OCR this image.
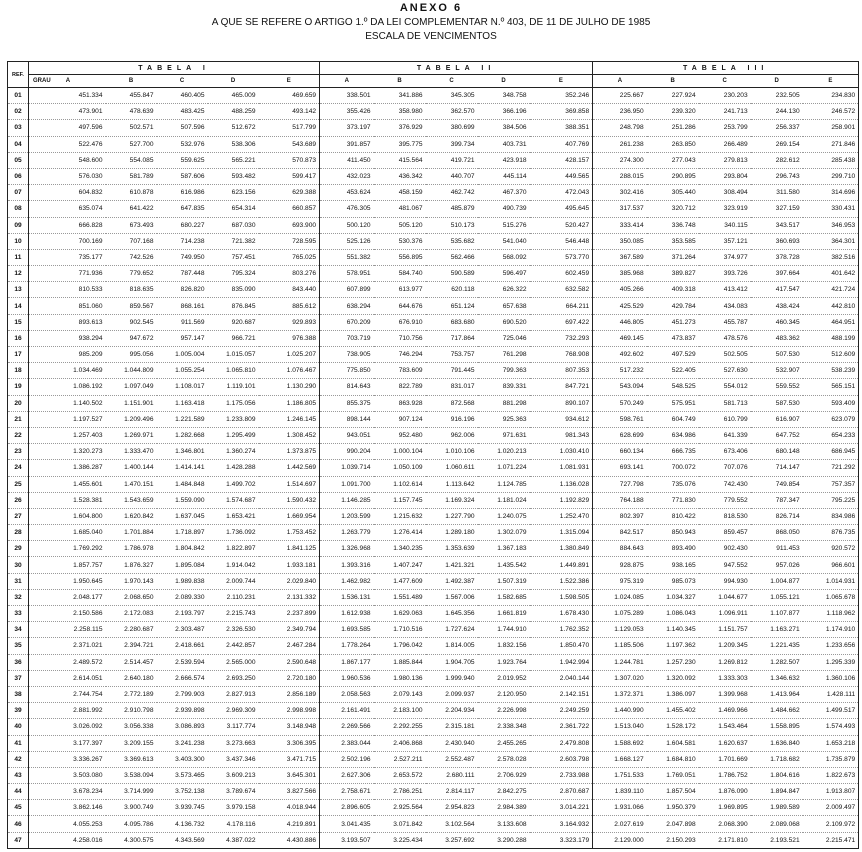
ANEXO 6
A QUE SE REFERE O ARTIGO 1.º DA LEI COMPLEMENTAR N.º 403, DE 11 DE JULHO DE 1985
ESCALA DE VENCIMENTOS
REF.	TABELA I					TABELA II					TABELA III				
	GRAU A	B	C	D	E	A	B	C	D	E	A	B	C	D	E
01	451.334	455.847	460.405	465.009	469.659	338.501	341.886	345.305	348.758	352.246	225.667	227.924	230.203	232.505	234.830
02	473.901	478.639	483.425	488.259	493.142	355.426	358.980	362.570	366.196	369.858	236.950	239.320	241.713	244.130	246.572
03	497.596	502.571	507.596	512.672	517.799	373.197	376.929	380.699	384.506	388.351	248.798	251.286	253.799	256.337	258.901
04	522.476	527.700	532.976	538.306	543.689	391.857	395.775	399.734	403.731	407.769	261.238	263.850	266.489	269.154	271.846
05	548.600	554.085	559.625	565.221	570.873	411.450	415.564	419.721	423.918	428.157	274.300	277.043	279.813	282.612	285.438
06	576.030	581.789	587.606	593.482	599.417	432.023	436.342	440.707	445.114	449.565	288.015	290.895	293.804	296.743	299.710
07	604.832	610.878	616.986	623.156	629.388	453.624	458.159	462.742	467.370	472.043	302.416	305.440	308.494	311.580	314.696
08	635.074	641.422	647.835	654.314	660.857	476.305	481.067	485.879	490.739	495.645	317.537	320.712	323.919	327.159	330.431
09	666.828	673.493	680.227	687.030	693.900	500.120	505.120	510.173	515.276	520.427	333.414	336.748	340.115	343.517	346.953
10	700.169	707.168	714.238	721.382	728.595	525.126	530.376	535.682	541.040	546.448	350.085	353.585	357.121	360.693	364.301
11	735.177	742.526	749.950	757.451	765.025	551.382	556.895	562.466	568.092	573.770	367.589	371.264	374.977	378.728	382.516
12	771.936	779.652	787.448	795.324	803.276	578.951	584.740	590.589	596.497	602.459	385.968	389.827	393.726	397.664	401.642
13	810.533	818.635	826.820	835.090	843.440	607.899	613.977	620.118	626.322	632.582	405.266	409.318	413.412	417.547	421.724
14	851.060	859.567	868.161	876.845	885.612	638.294	644.676	651.124	657.638	664.211	425.529	429.784	434.083	438.424	442.810
15	893.613	902.545	911.569	920.687	929.893	670.209	676.910	683.680	690.520	697.422	446.805	451.273	455.787	460.345	464.951
16	938.294	947.672	957.147	966.721	976.388	703.719	710.756	717.864	725.046	732.293	469.145	473.837	478.576	483.362	488.199
17	985.209	995.056	1.005.004	1.015.057	1.025.207	738.905	746.294	753.757	761.298	768.908	492.602	497.529	502.505	507.530	512.609
18	1.034.469	1.044.809	1.055.254	1.065.810	1.076.467	775.850	783.609	791.445	799.363	807.353	517.232	522.405	527.630	532.907	538.239
19	1.086.192	1.097.049	1.108.017	1.119.101	1.130.290	814.643	822.789	831.017	839.331	847.721	543.094	548.525	554.012	559.552	565.151
20	1.140.502	1.151.901	1.163.418	1.175.056	1.186.805	855.375	863.928	872.568	881.298	890.107	570.249	575.951	581.713	587.530	593.409
21	1.197.527	1.209.496	1.221.589	1.233.809	1.246.145	898.144	907.124	916.196	925.363	934.612	598.761	604.749	610.799	616.907	623.079
22	1.257.403	1.269.971	1.282.668	1.295.499	1.308.452	943.051	952.480	962.006	971.631	981.343	628.699	634.986	641.339	647.752	654.233
23	1.320.273	1.333.470	1.346.801	1.360.274	1.373.875	990.204	1.000.104	1.010.106	1.020.213	1.030.410	660.134	666.735	673.406	680.148	686.945
24	1.386.287	1.400.144	1.414.141	1.428.288	1.442.569	1.039.714	1.050.109	1.060.611	1.071.224	1.081.931	693.141	700.072	707.076	714.147	721.292
25	1.455.601	1.470.151	1.484.848	1.499.702	1.514.697	1.091.700	1.102.614	1.113.642	1.124.785	1.136.028	727.798	735.076	742.430	749.854	757.357
26	1.528.381	1.543.659	1.559.090	1.574.687	1.590.432	1.146.285	1.157.745	1.169.324	1.181.024	1.192.829	764.188	771.830	779.552	787.347	795.225
27	1.604.800	1.620.842	1.637.045	1.653.421	1.669.954	1.203.599	1.215.632	1.227.790	1.240.075	1.252.470	802.397	810.422	818.530	826.714	834.986
28	1.685.040	1.701.884	1.718.897	1.736.092	1.753.452	1.263.779	1.276.414	1.289.180	1.302.079	1.315.094	842.517	850.943	859.457	868.050	876.735
29	1.769.292	1.786.978	1.804.842	1.822.897	1.841.125	1.326.968	1.340.235	1.353.639	1.367.183	1.380.849	884.643	893.490	902.430	911.453	920.572
30	1.857.757	1.876.327	1.895.084	1.914.042	1.933.181	1.393.316	1.407.247	1.421.321	1.435.542	1.449.891	928.875	938.165	947.552	957.026	966.601
31	1.950.645	1.970.143	1.989.838	2.009.744	2.029.840	1.462.982	1.477.609	1.492.387	1.507.319	1.522.386	975.319	985.073	994.930	1.004.877	1.014.931
32	2.048.177	2.068.650	2.089.330	2.110.231	2.131.332	1.536.131	1.551.489	1.567.006	1.582.685	1.598.505	1.024.085	1.034.327	1.044.677	1.055.121	1.065.678
33	2.150.586	2.172.083	2.193.797	2.215.743	2.237.899	1.612.938	1.629.063	1.645.356	1.661.819	1.678.430	1.075.289	1.086.043	1.096.911	1.107.877	1.118.962
34	2.258.115	2.280.687	2.303.487	2.326.530	2.349.794	1.693.585	1.710.516	1.727.624	1.744.910	1.762.352	1.129.053	1.140.345	1.151.757	1.163.271	1.174.910
35	2.371.021	2.394.721	2.418.661	2.442.857	2.467.284	1.778.264	1.796.042	1.814.005	1.832.156	1.850.470	1.185.506	1.197.362	1.209.345	1.221.435	1.233.656
36	2.489.572	2.514.457	2.539.594	2.565.000	2.590.648	1.867.177	1.885.844	1.904.705	1.923.764	1.942.994	1.244.781	1.257.230	1.269.812	1.282.507	1.295.339
37	2.614.051	2.640.180	2.666.574	2.693.250	2.720.180	1.960.536	1.980.136	1.999.940	2.019.952	2.040.144	1.307.020	1.320.092	1.333.303	1.346.632	1.360.106
38	2.744.754	2.772.189	2.799.903	2.827.913	2.856.189	2.058.563	2.079.143	2.099.937	2.120.950	2.142.151	1.372.371	1.386.097	1.399.968	1.413.964	1.428.111
39	2.881.992	2.910.798	2.939.898	2.969.309	2.998.998	2.161.491	2.183.100	2.204.934	2.226.998	2.249.259	1.440.990	1.455.402	1.469.966	1.484.662	1.499.517
40	3.026.092	3.056.338	3.086.893	3.117.774	3.148.948	2.269.566	2.292.255	2.315.181	2.338.348	2.361.722	1.513.040	1.528.172	1.543.464	1.558.895	1.574.493
41	3.177.397	3.209.155	3.241.238	3.273.663	3.306.395	2.383.044	2.406.868	2.430.940	2.455.265	2.479.808	1.588.692	1.604.581	1.620.637	1.636.840	1.653.218
42	3.336.267	3.369.613	3.403.300	3.437.346	3.471.715	2.502.196	2.527.211	2.552.487	2.578.028	2.603.798	1.668.127	1.684.810	1.701.669	1.718.682	1.735.879
43	3.503.080	3.538.094	3.573.465	3.609.213	3.645.301	2.627.306	2.653.572	2.680.111	2.706.929	2.733.988	1.751.533	1.769.051	1.786.752	1.804.616	1.822.673
44	3.678.234	3.714.999	3.752.138	3.789.674	3.827.566	2.758.671	2.786.251	2.814.117	2.842.275	2.870.687	1.839.110	1.857.504	1.876.090	1.894.847	1.913.807
45	3.862.146	3.900.749	3.939.745	3.979.158	4.018.944	2.896.605	2.925.564	2.954.823	2.984.389	3.014.221	1.931.066	1.950.379	1.969.895	1.989.589	2.009.497
46	4.055.253	4.095.786	4.136.732	4.178.116	4.219.891	3.041.435	3.071.842	3.102.564	3.133.608	3.164.932	2.027.619	2.047.898	2.068.390	2.089.068	2.109.972
47	4.258.016	4.300.575	4.343.569	4.387.022	4.430.886	3.193.507	3.225.434	3.257.692	3.290.288	3.323.179	2.129.000	2.150.293	2.171.810	2.193.521	2.215.471
